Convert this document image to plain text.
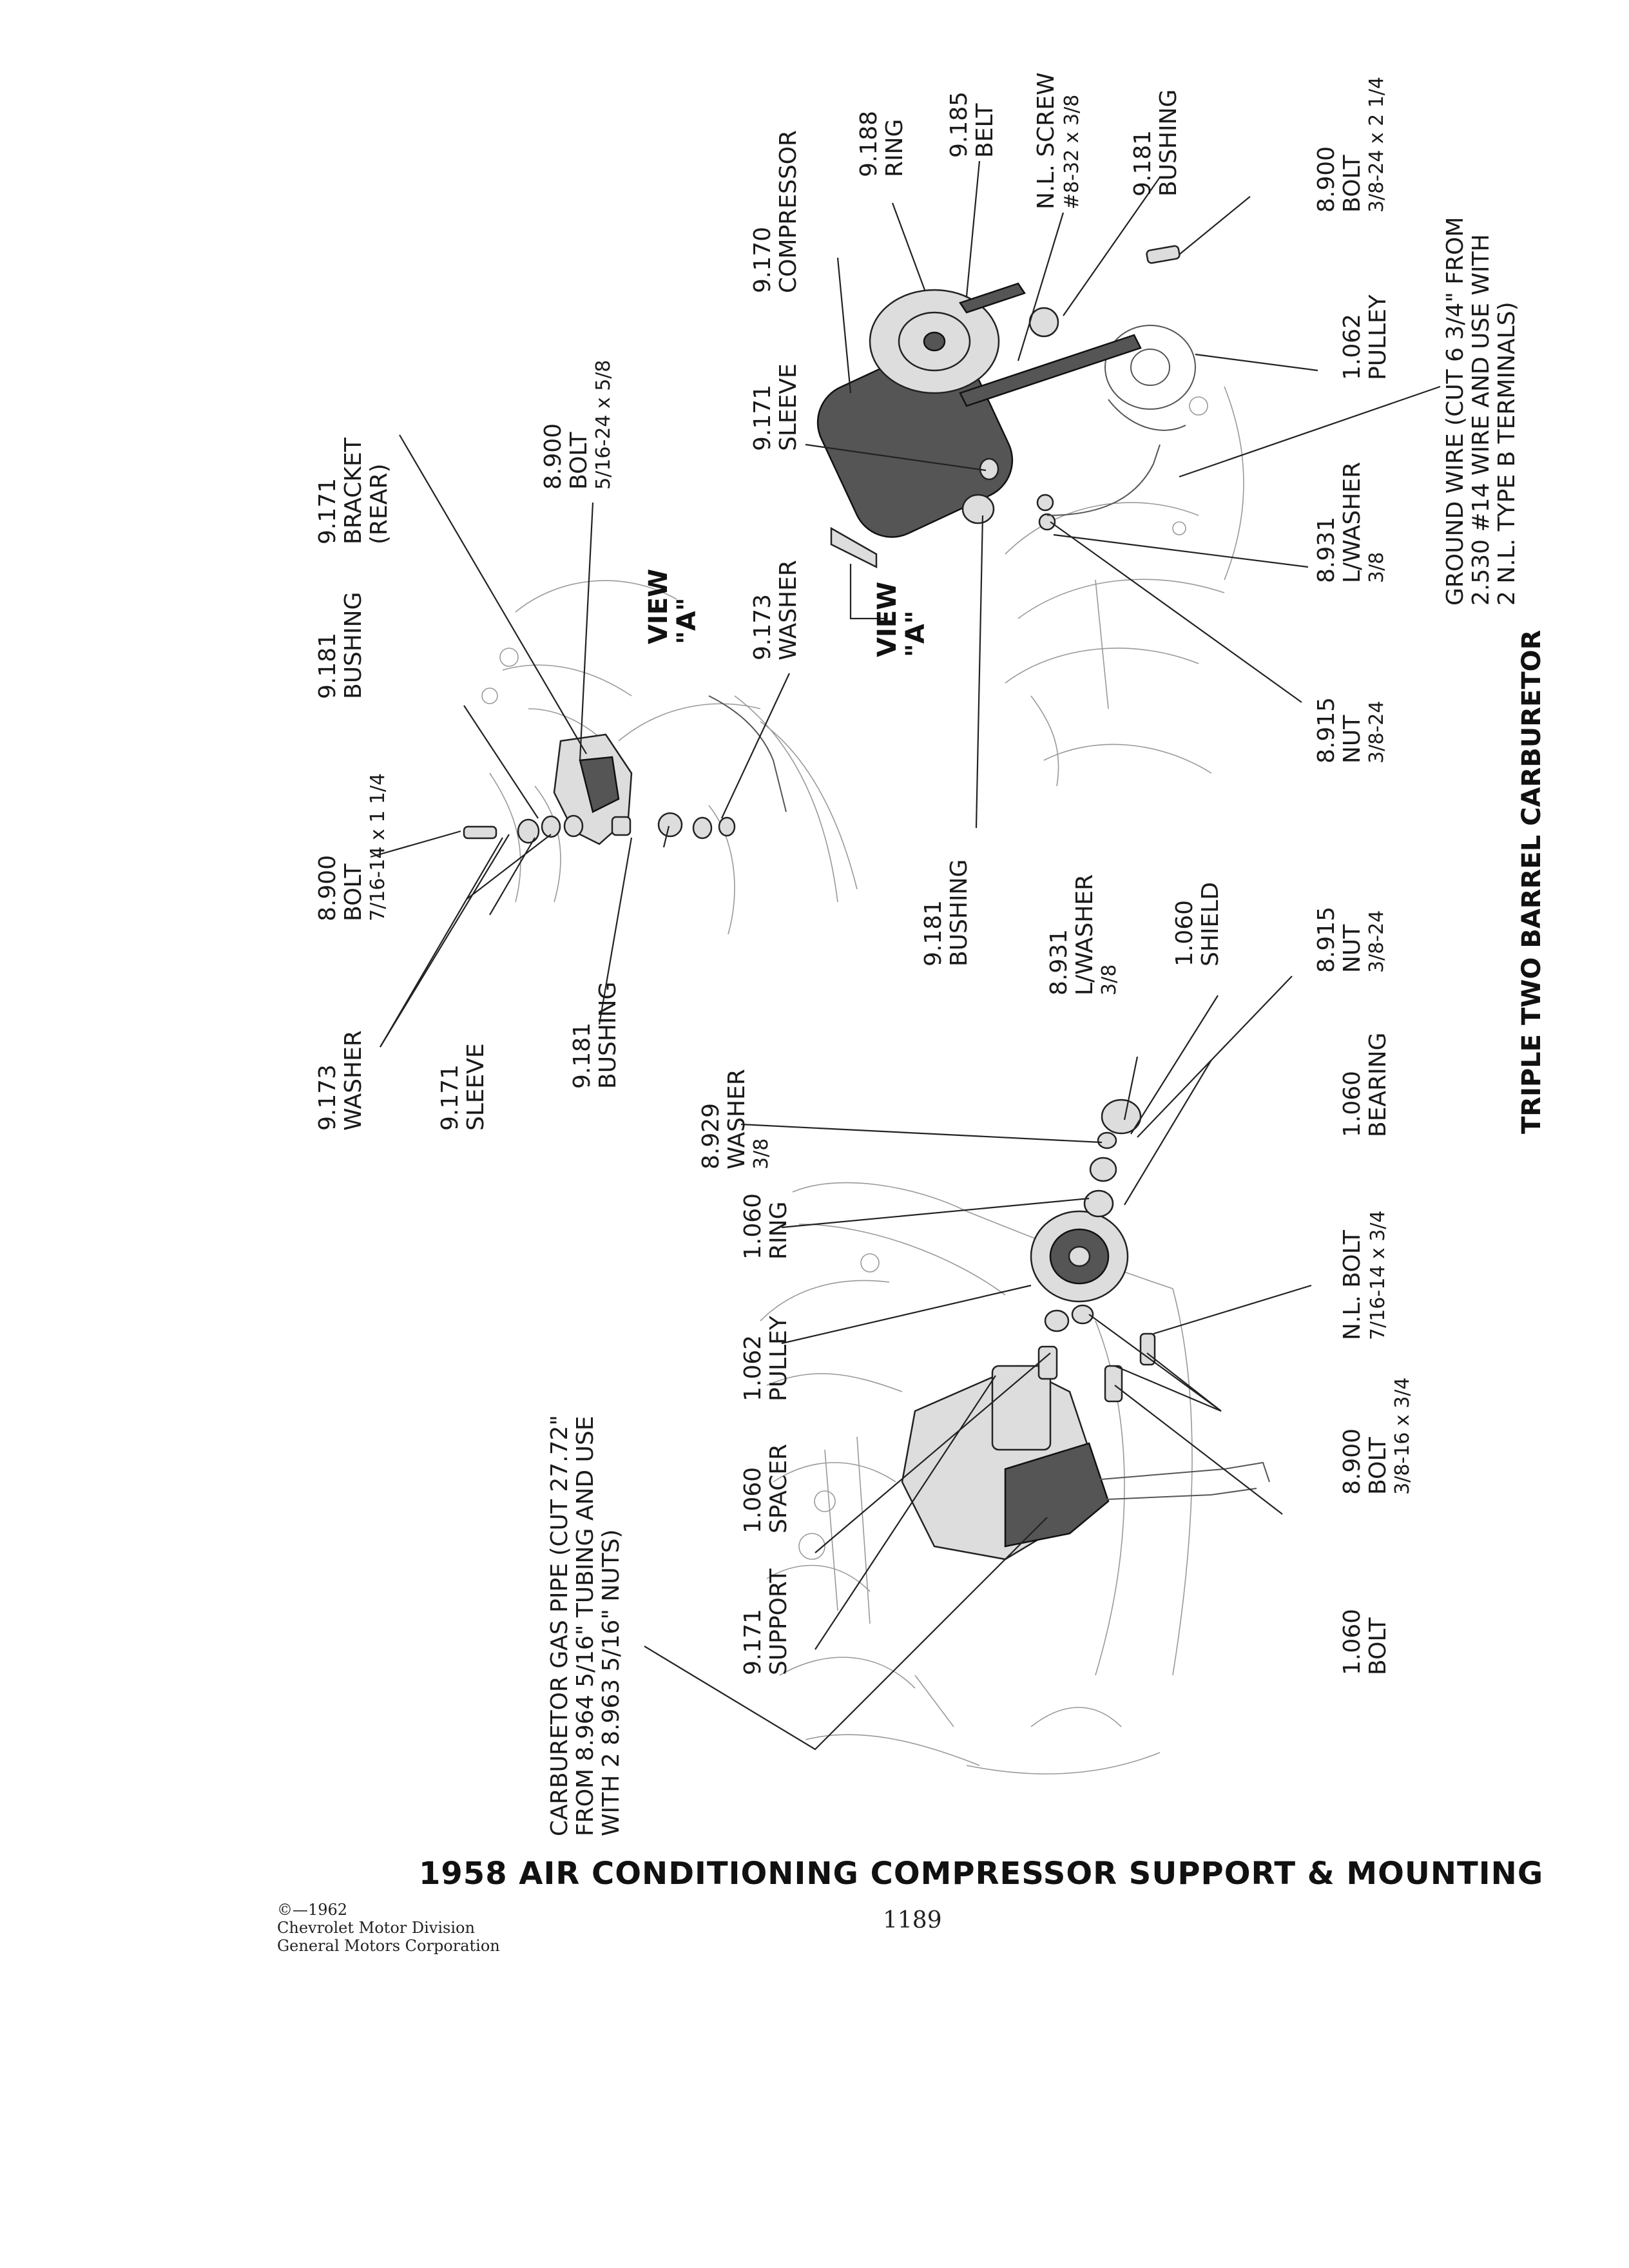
9.171 SUPPORT
1.060 SPACER
1.062 PULLEY
1.060 RING
8.929 WASHER 3/8
9.181 BUSHING
9.171 SLEEVE
9.173 WASHER
8.900 BOLT 7/16-14 x 1 1/4
9.181 BUSHING
9.171 BRACKET (REAR)
8.900 BOLT 5/16-24 x 5/8
VIEW
"A" 9.173 WASHER
9.181 BUSHING	8.931 L/WASHER 3/8
1.060 SHIELD	8.915 NUT 3/8-24
1.060 BEARING
N.L. BOLT 7/16-14 x 3/4
8.900 BOLT 3/8-16 x 3/4
1.060 BOLT
9.171 SLEEVE
VIEW
"A"
8.915 NUT 3/8-24
8.931 L/WASHER 3/8
9.170 COMPRESSOR 9.188 RING 9.185 BELT N.L. SCREW #8-32 x 3/8 9.181 BUSHING
1.062 PULLEY
8.900 BOLT 3/8-24 x 2 1/4
CARBURETOR GAS PIPE (CUT 27.72" FROM 8.964 5/16" TUBING AND USE WITH 2 8.963 5/16" NUTS)
GROUND WIRE (CUT 6 3/4" FROM 2.530 #14 WIRE AND USE WITH 2 N.L. TYPE B TERMINALS)
TRIPLE TWO BARREL CARBURETOR
1958 AIR CONDITIONING COMPRESSOR SUPPORT & MOUNTING
©—1962
Chevrolet Motor Division
General Motors Corporation
1189
